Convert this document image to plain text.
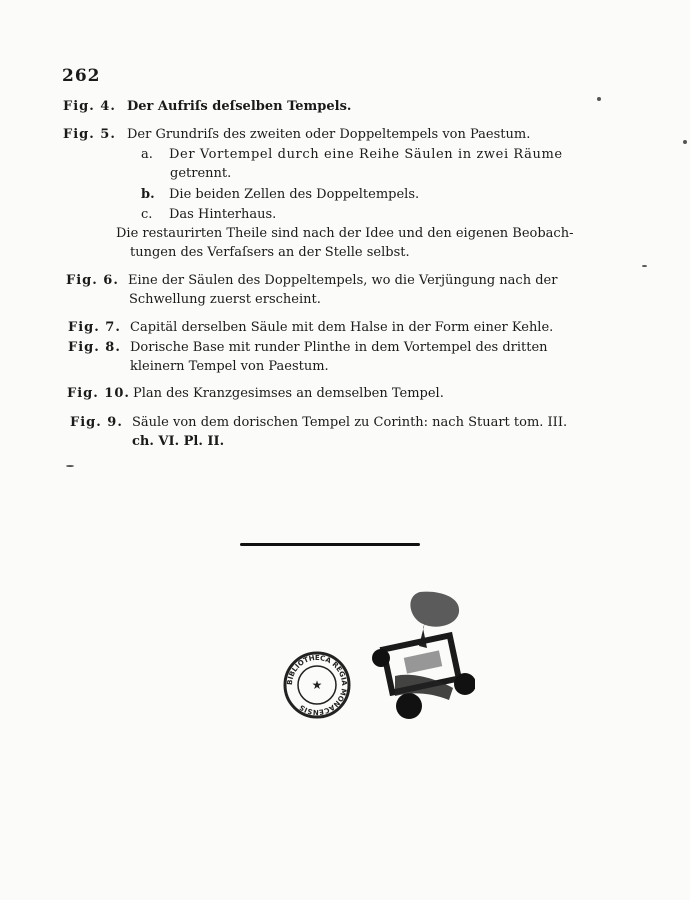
262
Fig. 4. Der Aufriſs deſselben Tempels.
Fig. 5. Der Grundriſs des zweiten oder Doppeltempels von Paestum.
a. Der Vortempel durch eine Reihe Säulen in zwei Räume
getrennt.
b. Die beiden Zellen des Doppeltempels.
c. Das Hinterhaus.
Die restaurirten Theile sind nach der Idee und den eigenen Beobach-
tungen des Verfaſsers an der Stelle selbst.
Fig. 6. Eine der Säulen des Doppeltempels, wo die Verjüngung nach der
Schwellung zuerst erscheint.
Fig. 7. Capitäl derselben Säule mit dem Halse in der Form einer Kehle.
Fig. 8. Dorische Base mit runder Plinthe in dem Vortempel des dritten
kleinern Tempel von Paestum.
Fig. 10. Plan des Kranzgesimses an demselben Tempel.
Fig. 9. Säule von dem dorischen Tempel zu Corinth: nach Stuart tom. III.
ch. VI. Pl. II.
BIBLIOTHECA REGIA MONACENSIS
★
